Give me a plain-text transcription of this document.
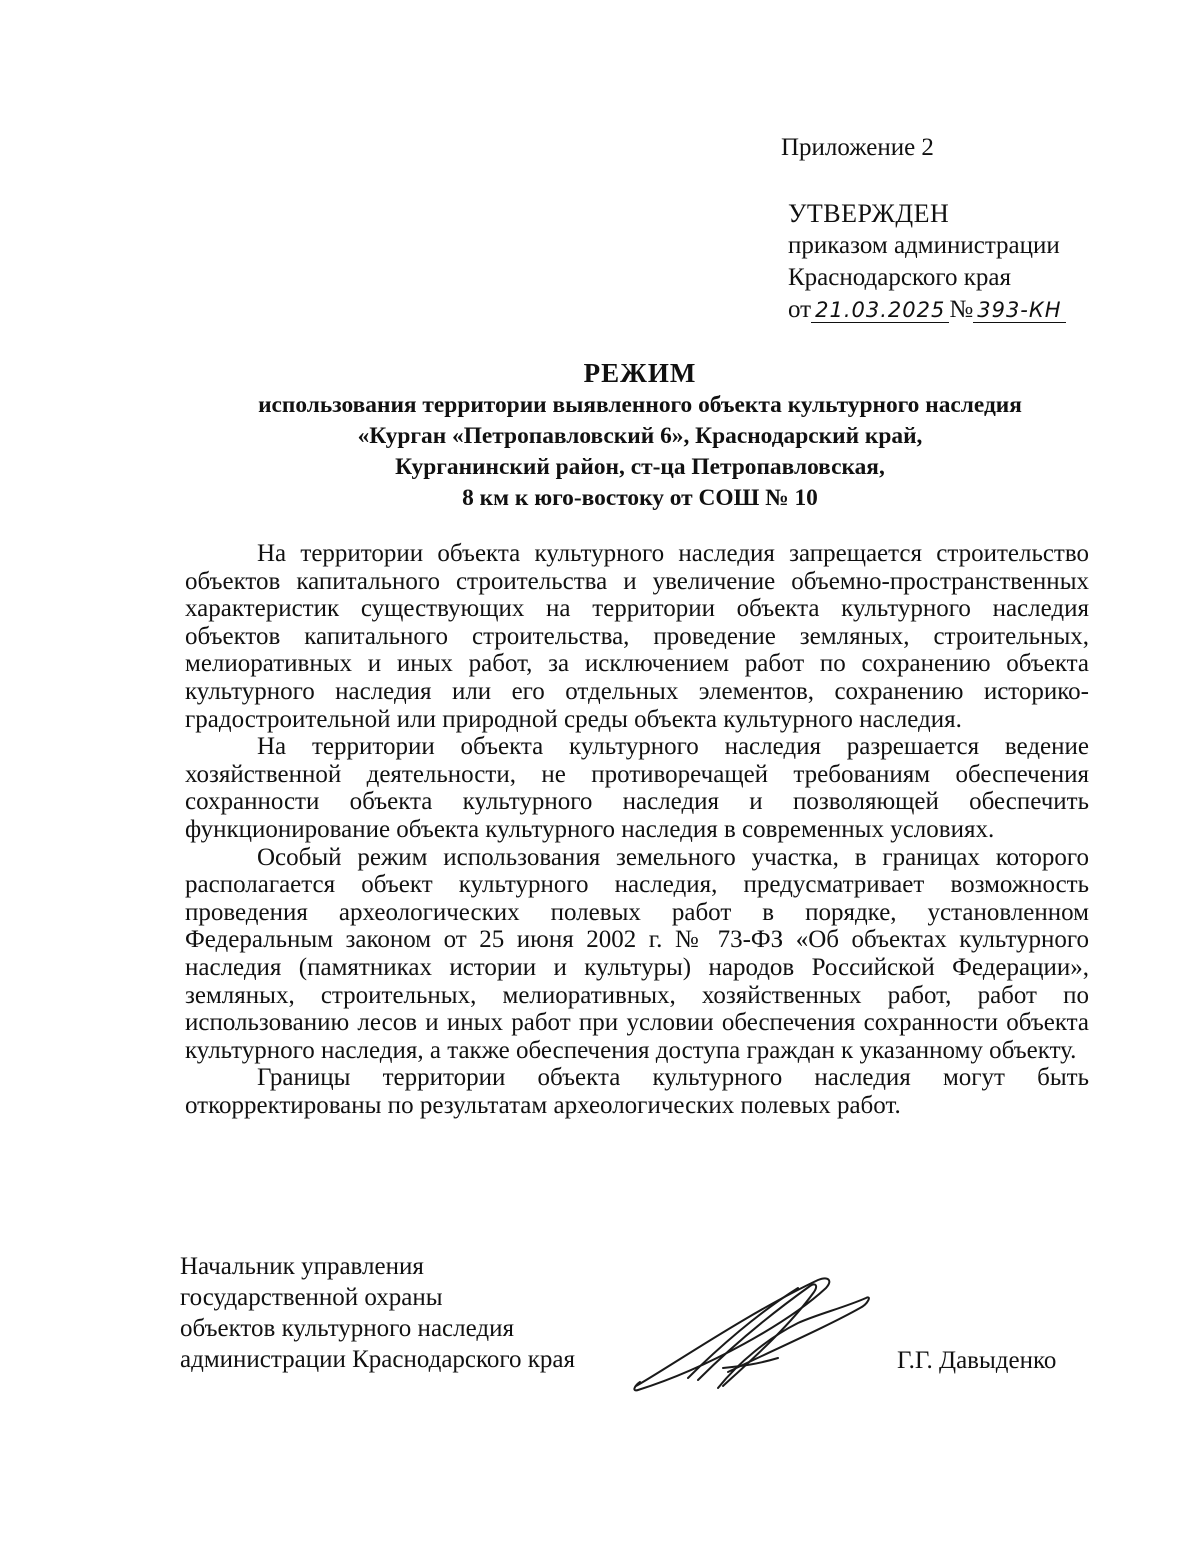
Приложение 2
УТВЕРЖДЕН
приказом администрации
Краснодарского края
от 21.03.2025 № 393-КН
РЕЖИМ
использования территории выявленного объекта культурного наследия
«Курган «Петропавловский 6», Краснодарский край,
Курганинский район, ст-ца Петропавловская,
8 км к юго-востоку от СОШ № 10

На территории объекта культурного наследия запрещается строительство объектов капитального строительства и увеличение объемно-пространственных характеристик существующих на территории объекта культурного наследия объектов капитального строительства, проведение земляных, строительных, мелиоративных и иных работ, за исключением работ по сохранению объекта культурного наследия или его отдельных элементов, сохранению историко-градостроительной или природной среды объекта культурного наследия.

На территории объекта культурного наследия разрешается ведение хозяйственной деятельности, не противоречащей требованиям обеспечения сохранности объекта культурного наследия и позволяющей обеспечить функционирование объекта культурного наследия в современных условиях.

Особый режим использования земельного участка, в границах которого располагается объект культурного наследия, предусматривает возможность проведения археологических полевых работ в порядке, установленном Федеральным законом от 25 июня 2002 г. № 73-ФЗ «Об объектах культурного наследия (памятниках истории и культуры) народов Российской Федерации», земляных, строительных, мелиоративных, хозяйственных работ, работ по использованию лесов и иных работ при условии обеспечения сохранности объекта культурного наследия, а также обеспечения доступа граждан к указанному объекту.

Границы территории объекта культурного наследия могут быть откорректированы по результатам археологических полевых работ.

Начальник управления
государственной охраны
объектов культурного наследия
администрации Краснодарского края	Г.Г. Давыденко
